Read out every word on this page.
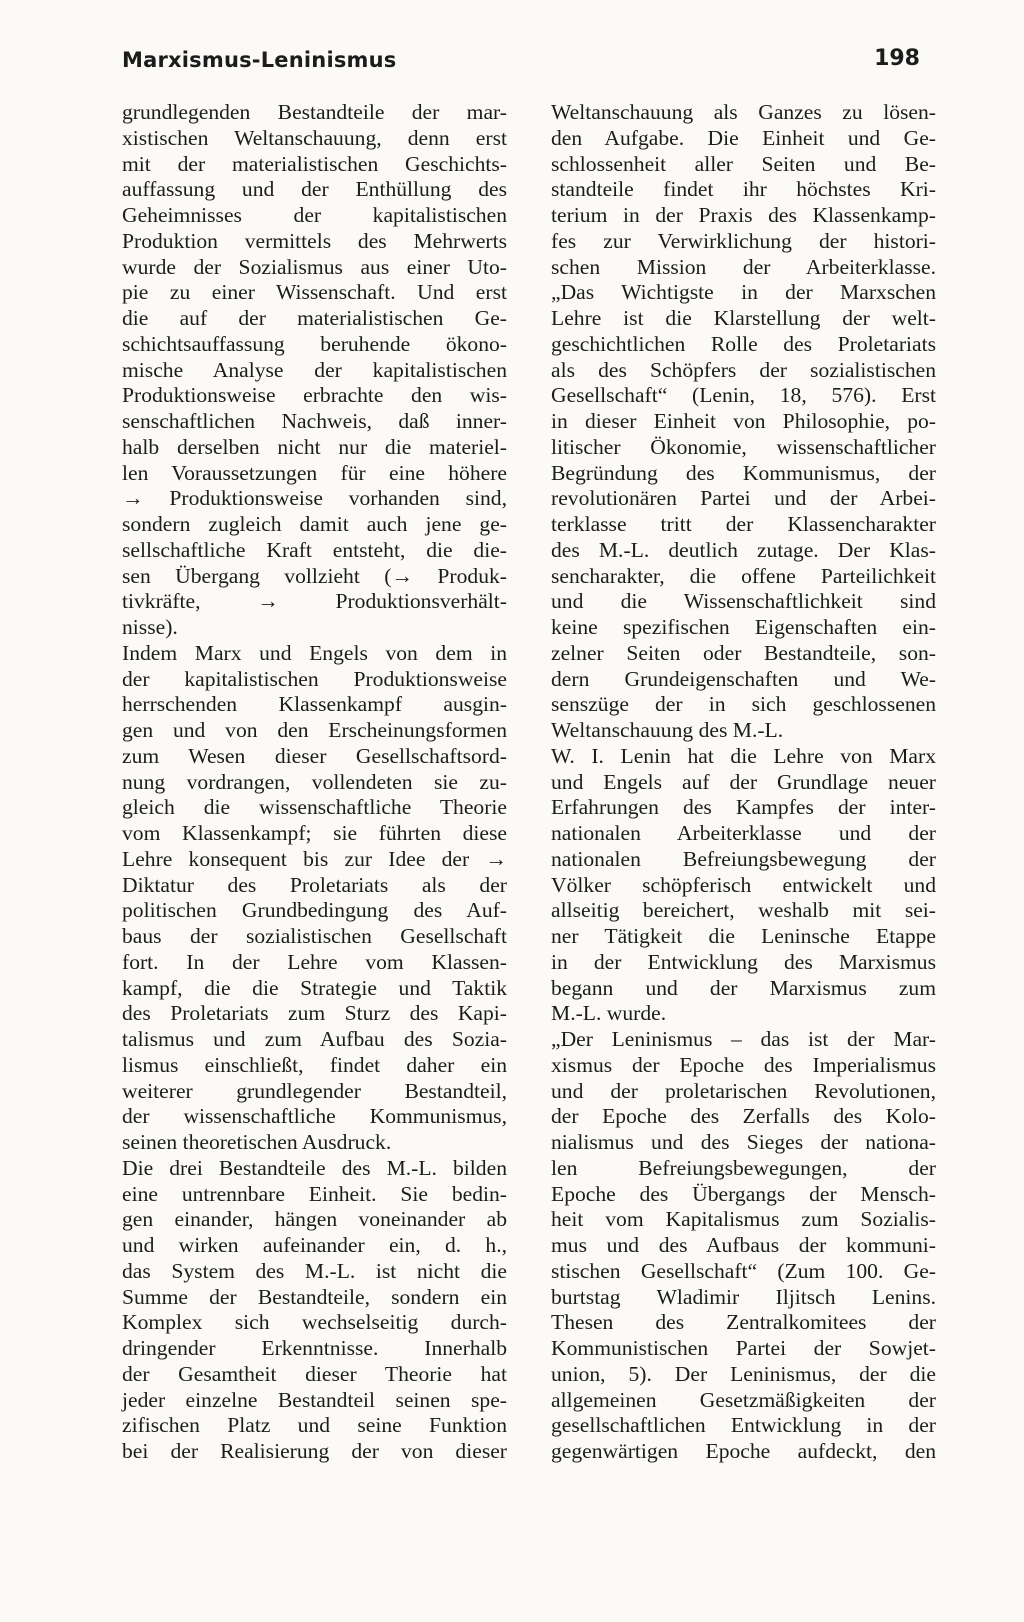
Marxismus-Leninismus	198
grundlegenden Bestandteile der mar-
xistischen Weltanschauung, denn erst
mit der materialistischen Geschichts-
auffassung und der Enthüllung des
Geheimnisses der kapitalistischen
Produktion vermittels des Mehrwerts
wurde der Sozialismus aus einer Uto-
pie zu einer Wissenschaft. Und erst
die auf der materialistischen Ge-
schichtsauffassung beruhende ökono-
mische Analyse der kapitalistischen
Produktionsweise erbrachte den wis-
senschaftlichen Nachweis, daß inner-
halb derselben nicht nur die materiel-
len Voraussetzungen für eine höhere
→ Produktionsweise vorhanden sind,
sondern zugleich damit auch jene ge-
sellschaftliche Kraft entsteht, die die-
sen Übergang vollzieht (→ Produk-
tivkräfte, → Produktionsverhält-
nisse).
Indem Marx und Engels von dem in
der kapitalistischen Produktionsweise
herrschenden Klassenkampf ausgin-
gen und von den Erscheinungsformen
zum Wesen dieser Gesellschaftsord-
nung vordrangen, vollendeten sie zu-
gleich die wissenschaftliche Theorie
vom Klassenkampf; sie führten diese
Lehre konsequent bis zur Idee der →
Diktatur des Proletariats als der
politischen Grundbedingung des Auf-
baus der sozialistischen Gesellschaft
fort. In der Lehre vom Klassen-
kampf, die die Strategie und Taktik
des Proletariats zum Sturz des Kapi-
talismus und zum Aufbau des Sozia-
lismus einschließt, findet daher ein
weiterer grundlegender Bestandteil,
der wissenschaftliche Kommunismus,
seinen theoretischen Ausdruck.
Die drei Bestandteile des M.-L. bilden
eine untrennbare Einheit. Sie bedin-
gen einander, hängen voneinander ab
und wirken aufeinander ein, d. h.,
das System des M.-L. ist nicht die
Summe der Bestandteile, sondern ein
Komplex sich wechselseitig durch-
dringender Erkenntnisse. Innerhalb
der Gesamtheit dieser Theorie hat
jeder einzelne Bestandteil seinen spe-
zifischen Platz und seine Funktion
bei der Realisierung der von dieser
Weltanschauung als Ganzes zu lösen-
den Aufgabe. Die Einheit und Ge-
schlossenheit aller Seiten und Be-
standteile findet ihr höchstes Kri-
terium in der Praxis des Klassenkamp-
fes zur Verwirklichung der histori-
schen Mission der Arbeiterklasse.
„Das Wichtigste in der Marxschen
Lehre ist die Klarstellung der welt-
geschichtlichen Rolle des Proletariats
als des Schöpfers der sozialistischen
Gesellschaft“ (Lenin, 18, 576). Erst
in dieser Einheit von Philosophie, po-
litischer Ökonomie, wissenschaftlicher
Begründung des Kommunismus, der
revolutionären Partei und der Arbei-
terklasse tritt der Klassencharakter
des M.-L. deutlich zutage. Der Klas-
sencharakter, die offene Parteilichkeit
und die Wissenschaftlichkeit sind
keine spezifischen Eigenschaften ein-
zelner Seiten oder Bestandteile, son-
dern Grundeigenschaften und We-
senszüge der in sich geschlossenen
Weltanschauung des M.-L.
W. I. Lenin hat die Lehre von Marx
und Engels auf der Grundlage neuer
Erfahrungen des Kampfes der inter-
nationalen Arbeiterklasse und der
nationalen Befreiungsbewegung der
Völker schöpferisch entwickelt und
allseitig bereichert, weshalb mit sei-
ner Tätigkeit die Leninsche Etappe
in der Entwicklung des Marxismus
begann und der Marxismus zum
M.-L. wurde.
„Der Leninismus – das ist der Mar-
xismus der Epoche des Imperialismus
und der proletarischen Revolutionen,
der Epoche des Zerfalls des Kolo-
nialismus und des Sieges der nationa-
len Befreiungsbewegungen, der
Epoche des Übergangs der Mensch-
heit vom Kapitalismus zum Sozialis-
mus und des Aufbaus der kommuni-
stischen Gesellschaft“ (Zum 100. Ge-
burtstag Wladimir Iljitsch Lenins.
Thesen des Zentralkomitees der
Kommunistischen Partei der Sowjet-
union, 5). Der Leninismus, der die
allgemeinen Gesetzmäßigkeiten der
gesellschaftlichen Entwicklung in der
gegenwärtigen Epoche aufdeckt, den
